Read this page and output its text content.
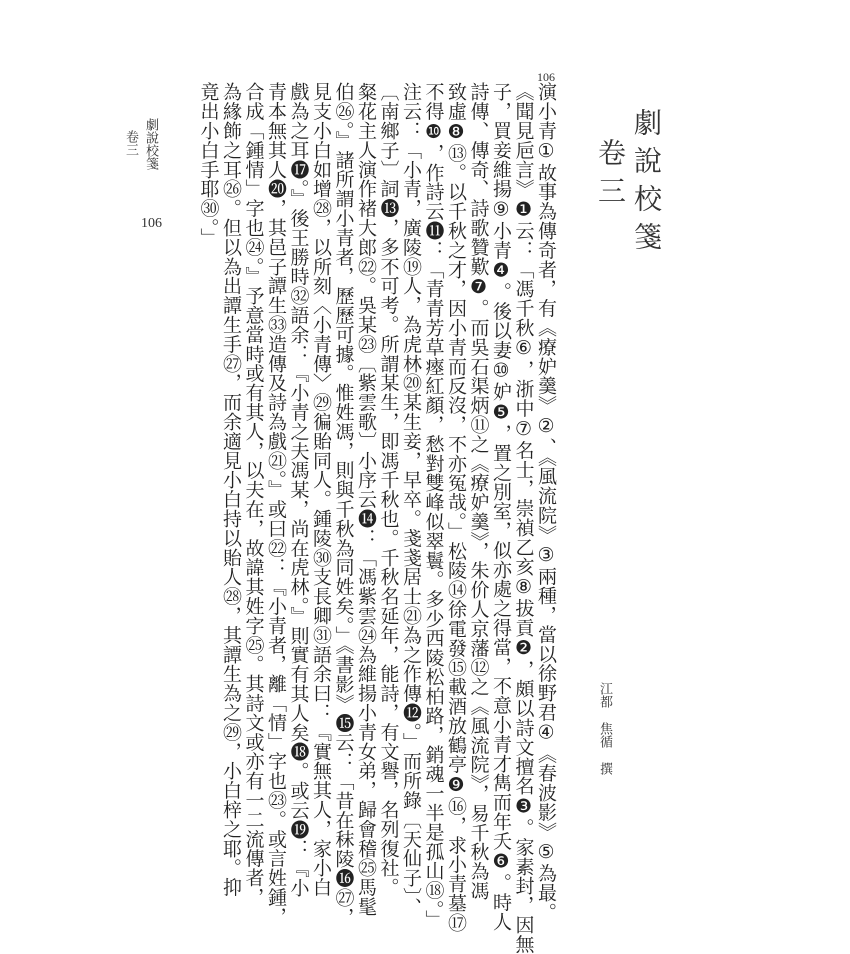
劇說校箋
卷三
江都 焦循 撰
106
演小青①故事為傳奇者，有《療妒羹》②、《風流院》③兩種，當以徐野君④《春波影》⑤為最。
《聞見巵言》❶云：「馮千秋⑥，浙中⑦名士，崇禎乙亥⑧拔貢❷，頗以詩文擅名❸。家素封，因無
子，買妾維揚⑨小青❹。後以妻⑩妒❺，置之別室，似亦處之得當，不意小青才雋而年夭❻。時人
詩傳、傳奇、詩歌贊歎❼。而吳石渠炳⑪之《療妒羹》，朱价人京藩⑫之《風流院》，易千秋為馮
致虛❽⑬。以千秋之才，因小青而反沒，不亦冤哉。」松陵⑭徐電發⑮載酒放鶴亭❾⑯，求小青墓⑰
不得❿，作詩云⓫：「青青芳草瘞紅顏，愁對雙峰似翠鬟。多少西陵松柏路，銷魂一半是孤山⑱。」
注云：「小青，廣陵⑲人，為虎林⑳某生妾，早卒。戔戔居士㉑為之作傳⓬。」而所錄〔天仙子〕、
〔南鄉子〕詞⓭，多不可考。所謂某生，即馮千秋也。千秋名延年，能詩，有文譽，名列復社。
粲花主人演作褚大郎㉒。吳某㉓〔紫雲歌〕小序云⓮：「馮紫雲㉔為維揚小青女弟，歸會稽㉕馬髦
伯㉖。』諸所謂小青者，歷歷可據。惟姓馮，則與千秋為同姓矣。」《書影》⓯云：「昔在秣陵⓰㉗，
見支小白如增㉘，以所刻〈小青傳〉㉙徧貽同人。鍾陵㉚支長卿㉛語余曰：『實無其人，家小白
戲為之耳⓱。』後王勝時㉜語余：『小青之夫馮某，尚在虎林。』則實有其人矣⓲。或云⓳：『小
青本無其人⓴，其邑子譚生㉝造傳及詩為戲㉑。』或曰㉒：『小青者，離「情」字也㉓。或言姓鍾，
合成「鍾情」字也㉔。』予意當時或有其人，以夫在，故諱其姓字㉕。其詩文或亦有一二流傳者，
為緣飾之耳㉖。但以為出譚生手㉗，而余適見小白持以貽人㉘，其譚生為之㉙，小白梓之耶。抑
竟出小白手耶㉚。」
劇說校箋
卷三
106
